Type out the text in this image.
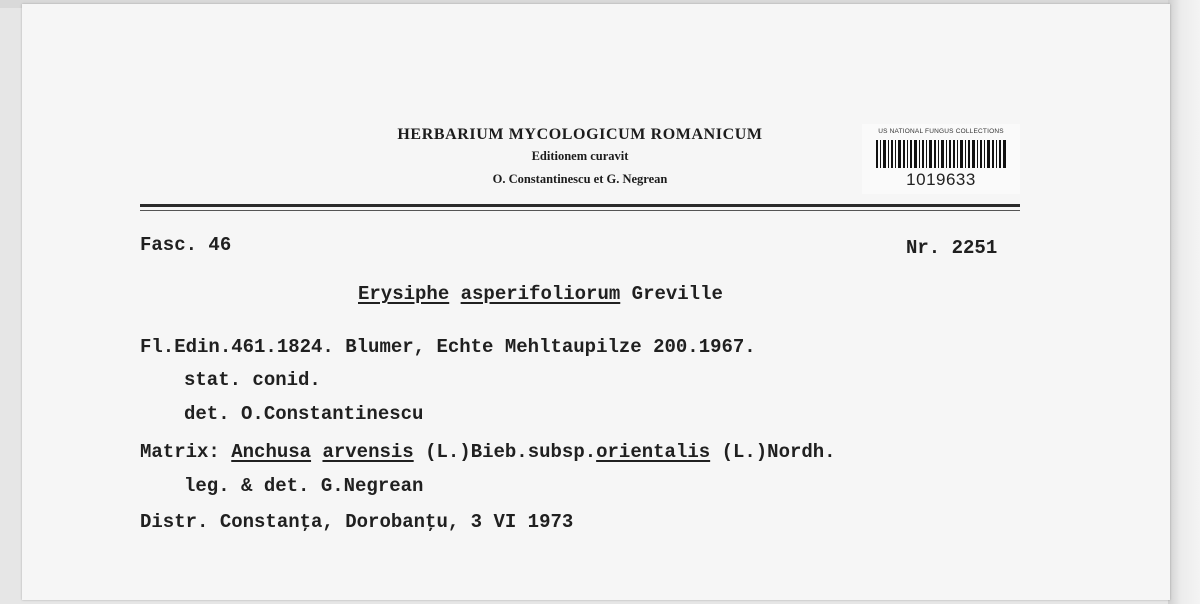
HERBARIUM MYCOLOGICUM ROMANICUM
Editionem curavit
O. Constantinescu et G. Negrean
US NATIONAL FUNGUS COLLECTIONS
1019633
Fasc. 46	Nr. 2251
Erysiphe asperifoliorum Greville
Fl.Edin.461.1824. Blumer, Echte Mehltaupilze 200.1967.
stat. conid.
det. O.Constantinescu
Matrix: Anchusa arvensis (L.)Bieb.subsp.orientalis (L.)Nordh.
leg. & det. G.Negrean
Distr. Constanţa, Dorobanţu, 3 VI 1973
